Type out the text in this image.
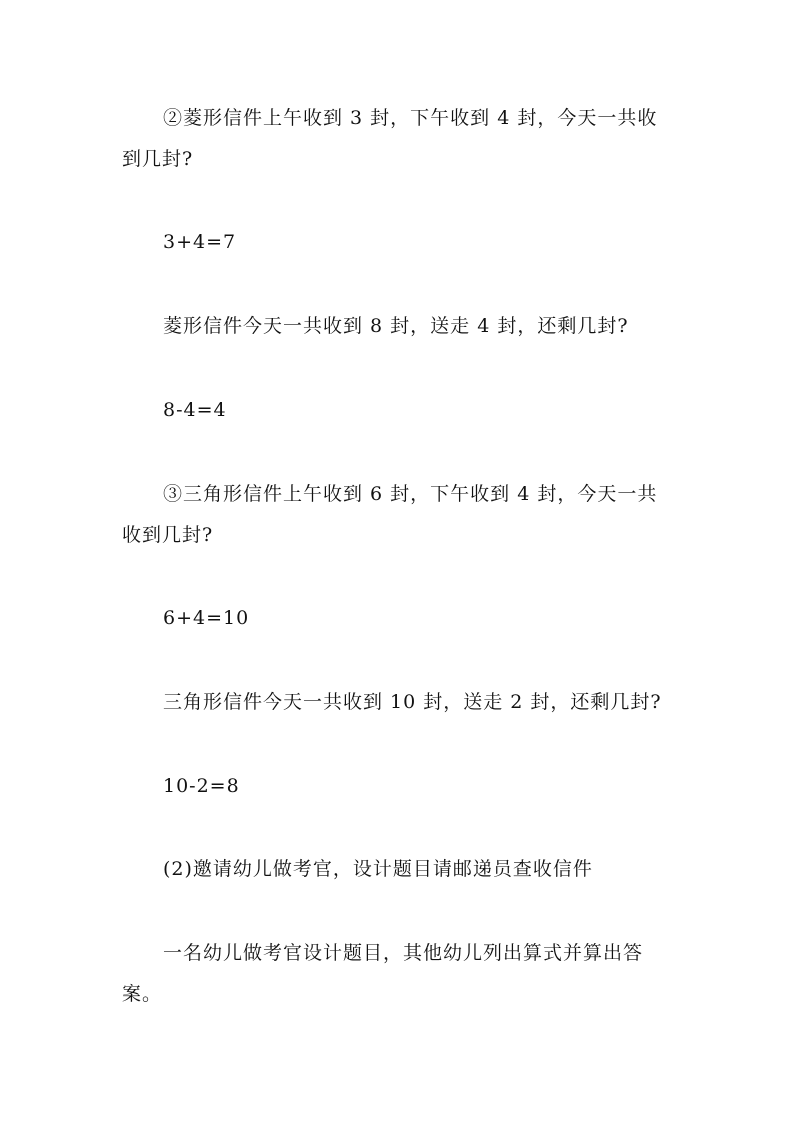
②菱形信件上午收到 3 封，下午收到 4 封，今天一共收

到几封?

3+4=7

菱形信件今天一共收到 8 封，送走 4 封，还剩几封?

8-4=4

③三角形信件上午收到 6 封，下午收到 4 封，今天一共

收到几封?

6+4=10

三角形信件今天一共收到 10 封，送走 2 封，还剩几封?

10-2=8

(2)邀请幼儿做考官，设计题目请邮递员查收信件

一名幼儿做考官设计题目，其他幼儿列出算式并算出答

案。
